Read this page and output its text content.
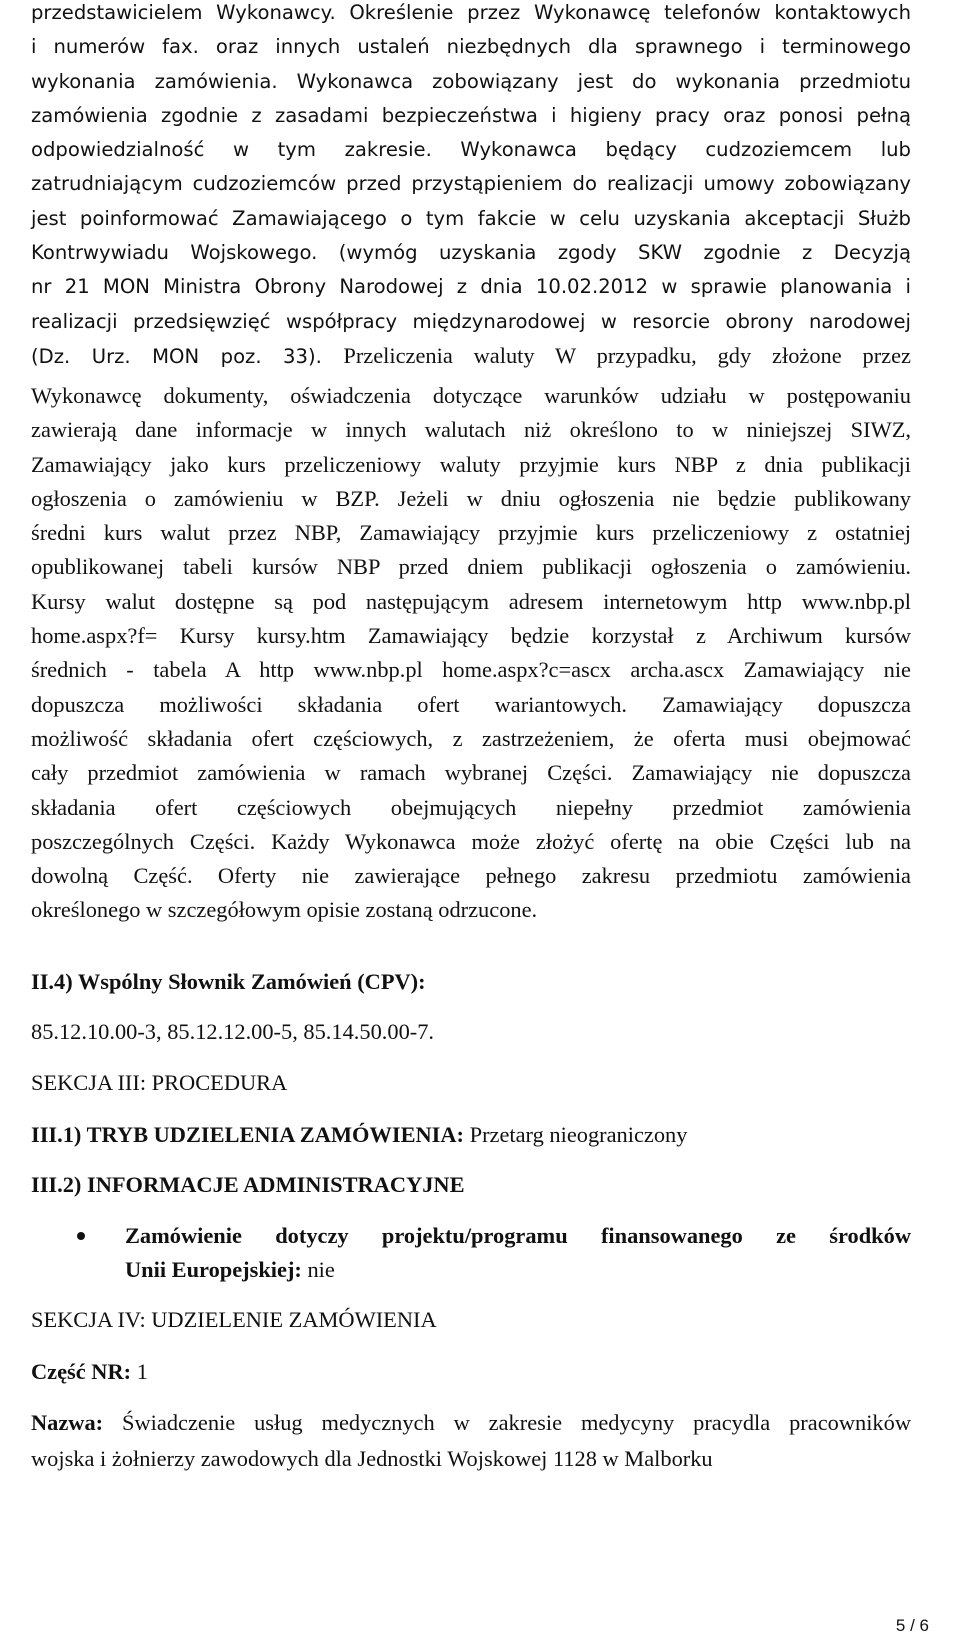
przedstawicielem Wykonawcy. Określenie przez Wykonawcę telefonów kontaktowych
i numerów fax. oraz innych ustaleń niezbędnych dla sprawnego i terminowego
wykonania zamówienia. Wykonawca zobowiązany jest do wykonania przedmiotu
zamówienia zgodnie z zasadami bezpieczeństwa i higieny pracy oraz ponosi pełną
odpowiedzialność w tym zakresie. Wykonawca będący cudzoziemcem lub
zatrudniającym cudzoziemców przed przystąpieniem do realizacji umowy zobowiązany
jest poinformować Zamawiającego o tym fakcie w celu uzyskania akceptacji Służb
Kontrwywiadu Wojskowego. (wymóg uzyskania zgody SKW zgodnie z Decyzją
nr 21 MON Ministra Obrony Narodowej z dnia 10.02.2012 w sprawie planowania i
realizacji przedsięwzięć współpracy międzynarodowej w resorcie obrony narodowej
(Dz. Urz. MON poz. 33). Przeliczenia waluty W przypadku, gdy złożone przez
Wykonawcę dokumenty, oświadczenia dotyczące warunków udziału w postępowaniu
zawierają dane informacje w innych walutach niż określono to w niniejszej SIWZ,
Zamawiający jako kurs przeliczeniowy waluty przyjmie kurs NBP z dnia publikacji
ogłoszenia o zamówieniu w BZP. Jeżeli w dniu ogłoszenia nie będzie publikowany
średni kurs walut przez NBP, Zamawiający przyjmie kurs przeliczeniowy z ostatniej
opublikowanej tabeli kursów NBP przed dniem publikacji ogłoszenia o zamówieniu.
Kursy walut dostępne są pod następującym adresem internetowym http www.nbp.pl
home.aspx?f= Kursy kursy.htm Zamawiający będzie korzystał z Archiwum kursów
średnich - tabela A http www.nbp.pl home.aspx?c=ascx archa.ascx Zamawiający nie
dopuszcza możliwości składania ofert wariantowych. Zamawiający dopuszcza
możliwość składania ofert częściowych, z zastrzeżeniem, że oferta musi obejmować
cały przedmiot zamówienia w ramach wybranej Części. Zamawiający nie dopuszcza
składania ofert częściowych obejmujących niepełny przedmiot zamówienia
poszczególnych Części. Każdy Wykonawca może złożyć ofertę na obie Części lub na
dowolną Część. Oferty nie zawierające pełnego zakresu przedmiotu zamówienia
określonego w szczegółowym opisie zostaną odrzucone.
II.4) Wspólny Słownik Zamówień (CPV):
85.12.10.00-3, 85.12.12.00-5, 85.14.50.00-7.
SEKCJA III: PROCEDURA
III.1) TRYB UDZIELENIA ZAMÓWIENIA: Przetarg nieograniczony
III.2) INFORMACJE ADMINISTRACYJNE
Zamówienie dotyczy projektu/programu finansowanego ze środków
Unii Europejskiej: nie
SEKCJA IV: UDZIELENIE ZAMÓWIENIA
Część NR: 1
Nazwa: Świadczenie usług medycznych w zakresie medycyny pracydla pracowników
wojska i żołnierzy zawodowych dla Jednostki Wojskowej 1128 w Malborku
5 / 6
